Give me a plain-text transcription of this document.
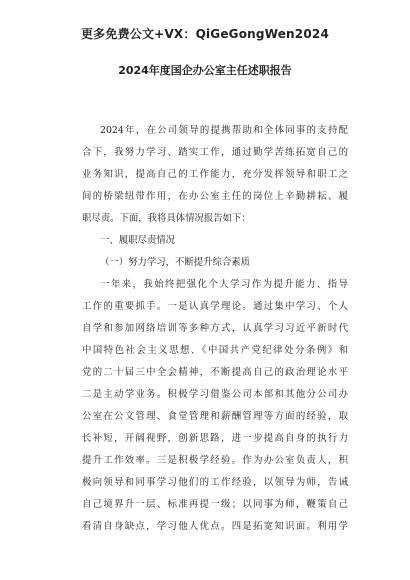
更多免费公文+VX：QiGeGongWen2024
2024年度国企办公室主任述职报告
2024年，在公司领导的提携帮助和全体同事的支持配
合下，我努力学习、踏实工作，通过勤学苦练拓宽自己的
业务知识，提高自己的工作能力，充分发挥领导和职工之
间的桥梁纽带作用，在办公室主任的岗位上辛勤耕耘、履
职尽责。下面，我将具体情况报告如下：
一、履职尽责情况
（一）努力学习，不断提升综合素质
一年来，我始终把强化个人学习作为提升能力、指导
工作的重要抓手。一是认真学理论。通过集中学习、个人
自学和参加网络培训等多种方式，认真学习习近平新时代
中国特色社会主义思想、《中国共产党纪律处分条例》和
党的二十届三中全会精神，不断提高自己的政治理论水平
二是主动学业务。积极学习借鉴公司本部和其他分公司办
公室在公文管理、食堂管理和薪酬管理等方面的经验，取
长补短，开阔视野，创新思路，进一步提高自身的执行力
提升工作效率。三是积极学经验。作为办公室负责人，积
极向领导和同事学习他们的工作经验，以领导为师，告诫
自己境界升一层、标准再提一级；以同事为师，鞭策自己
看清自身缺点，学习他人优点。四是拓宽知识面。利用学
